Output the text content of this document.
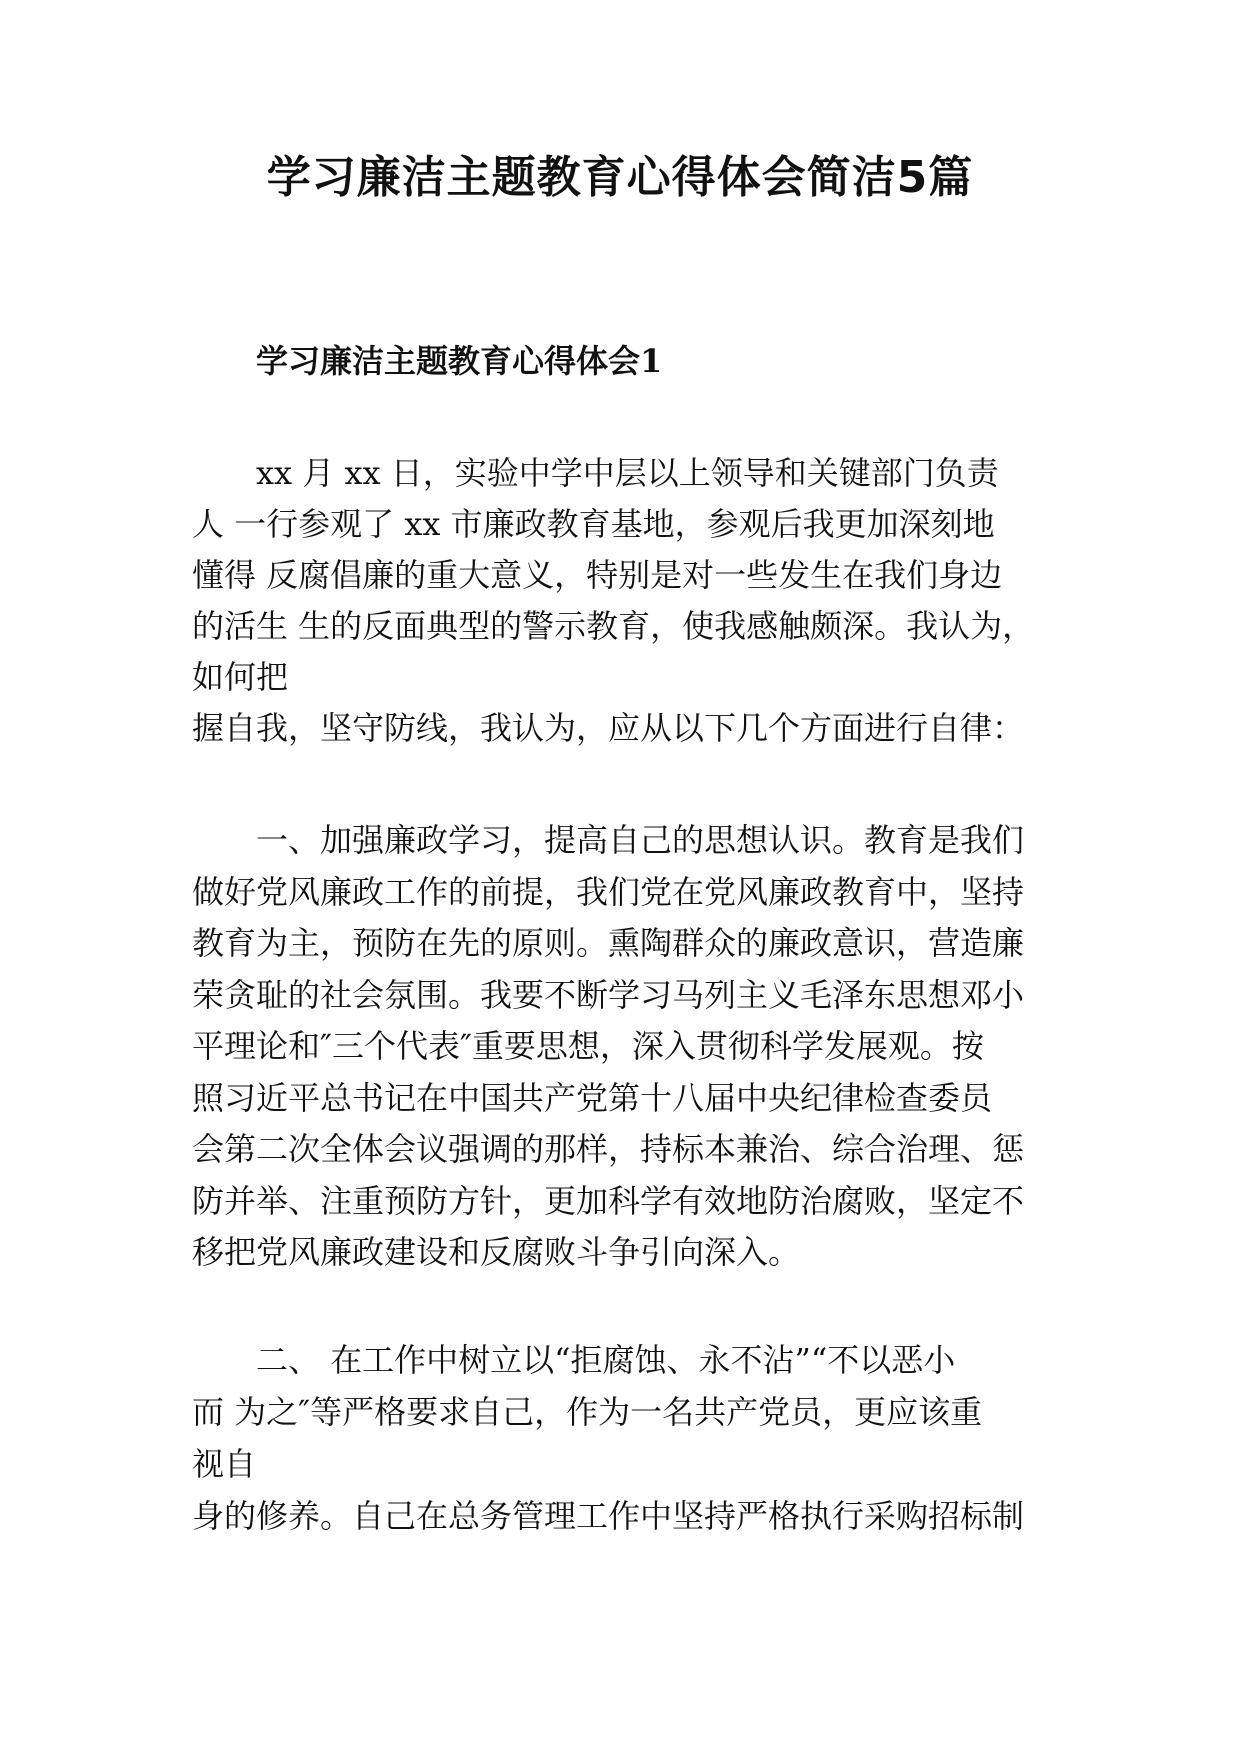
学习廉洁主题教育心得体会简洁5篇
学习廉洁主题教育心得体会1
xx 月 xx 日，实验中学中层以上领导和关键部门负责
人 一行参观了 xx 市廉政教育基地，参观后我更加深刻地
懂得 反腐倡廉的重大意义，特别是对一些发生在我们身边
的活生 生的反面典型的警示教育，使我感触颇深。我认为，
如何把
握自我，坚守防线，我认为，应从以下几个方面进行自律：
一、加强廉政学习，提高自己的思想认识。教育是我们
做好党风廉政工作的前提，我们党在党风廉政教育中，坚持
教育为主，预防在先的原则。熏陶群众的廉政意识，营造廉
荣贪耻的社会氛围。我要不断学习马列主义毛泽东思想邓小
平理论和″三个代表″重要思想，深入贯彻科学发展观。按
照习近平总书记在中国共产党第十八届中央纪律检查委员
会第二次全体会议强调的那样，持标本兼治、综合治理、惩
防并举、注重预防方针，更加科学有效地防治腐败，坚定不
移把党风廉政建设和反腐败斗争引向深入。
二、 在工作中树立以“拒腐蚀、永不沾”“不以恶小
而 为之″等严格要求自己，作为一名共产党员，更应该重
视自
身的修养。自己在总务管理工作中坚持严格执行采购招标制
